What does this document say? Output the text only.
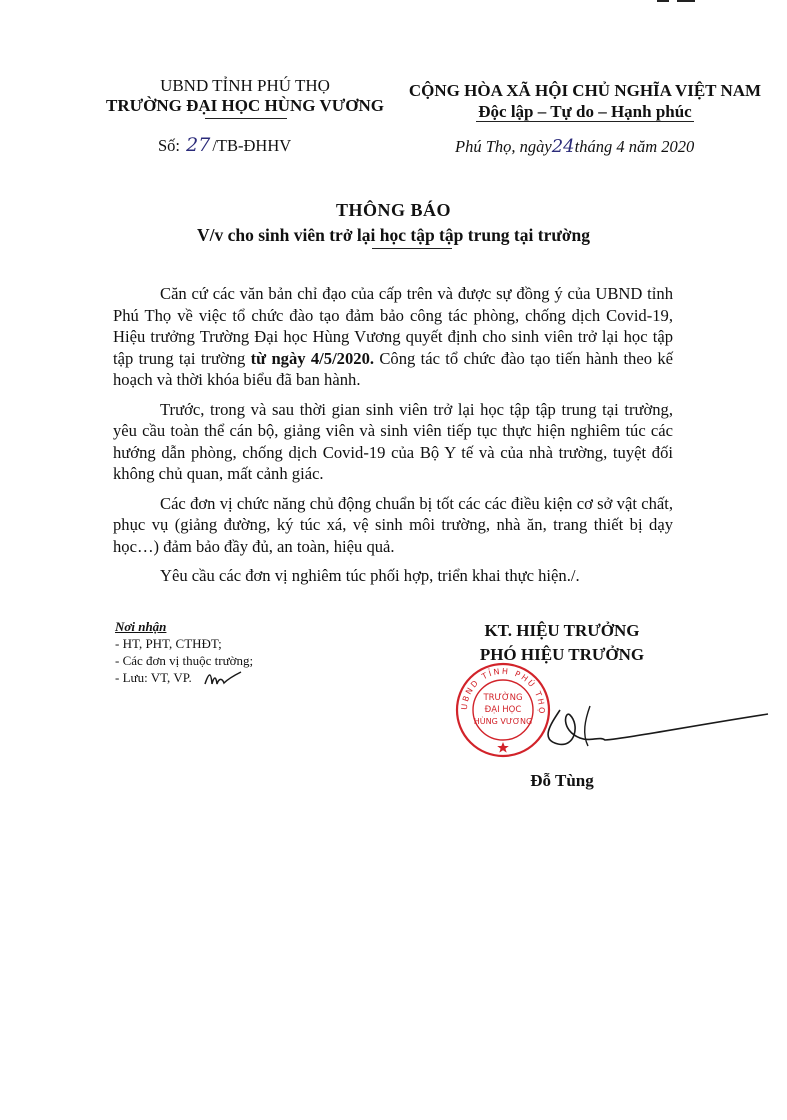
UBND TỈNH PHÚ THỌ
TRƯỜNG ĐẠI HỌC HÙNG VƯƠNG
CỘNG HÒA XÃ HỘI CHỦ NGHĨA VIỆT NAM
Độc lập – Tự do – Hạnh phúc
Số: 27 /TB-ĐHHV	Phú Thọ, ngày24tháng 4 năm 2020
THÔNG BÁO
V/v cho sinh viên trở lại học tập tập trung tại trường

Căn cứ các văn bản chỉ đạo của cấp trên và được sự đồng ý của UBND tỉnh Phú Thọ về việc tổ chức đào tạo đảm bảo công tác phòng, chống dịch Covid-19, Hiệu trưởng Trường Đại học Hùng Vương quyết định cho sinh viên trở lại học tập tập trung tại trường từ ngày 4/5/2020. Công tác tổ chức đào tạo tiến hành theo kế hoạch và thời khóa biểu đã ban hành.

Trước, trong và sau thời gian sinh viên trở lại học tập tập trung tại trường, yêu cầu toàn thể cán bộ, giảng viên và sinh viên tiếp tục thực hiện nghiêm túc các hướng dẫn phòng, chống dịch Covid-19 của Bộ Y tế và của nhà trường, tuyệt đối không chủ quan, mất cảnh giác.

Các đơn vị chức năng chủ động chuẩn bị tốt các các điều kiện cơ sở vật chất, phục vụ (giảng đường, ký túc xá, vệ sinh môi trường, nhà ăn, trang thiết bị dạy học…) đảm bảo đầy đủ, an toàn, hiệu quả.

Yêu cầu các đơn vị nghiêm túc phối hợp, triển khai thực hiện./.

Nơi nhận
- HT, PHT, CTHĐT;
- Các đơn vị thuộc trường;
- Lưu: VT, VP.
KT. HIỆU TRƯỞNG
PHÓ HIỆU TRƯỞNG
UBND TỈNH PHÚ THỌ
TRƯỜNG
ĐẠI HỌC
HÙNG VƯƠNG
Đỗ Tùng
